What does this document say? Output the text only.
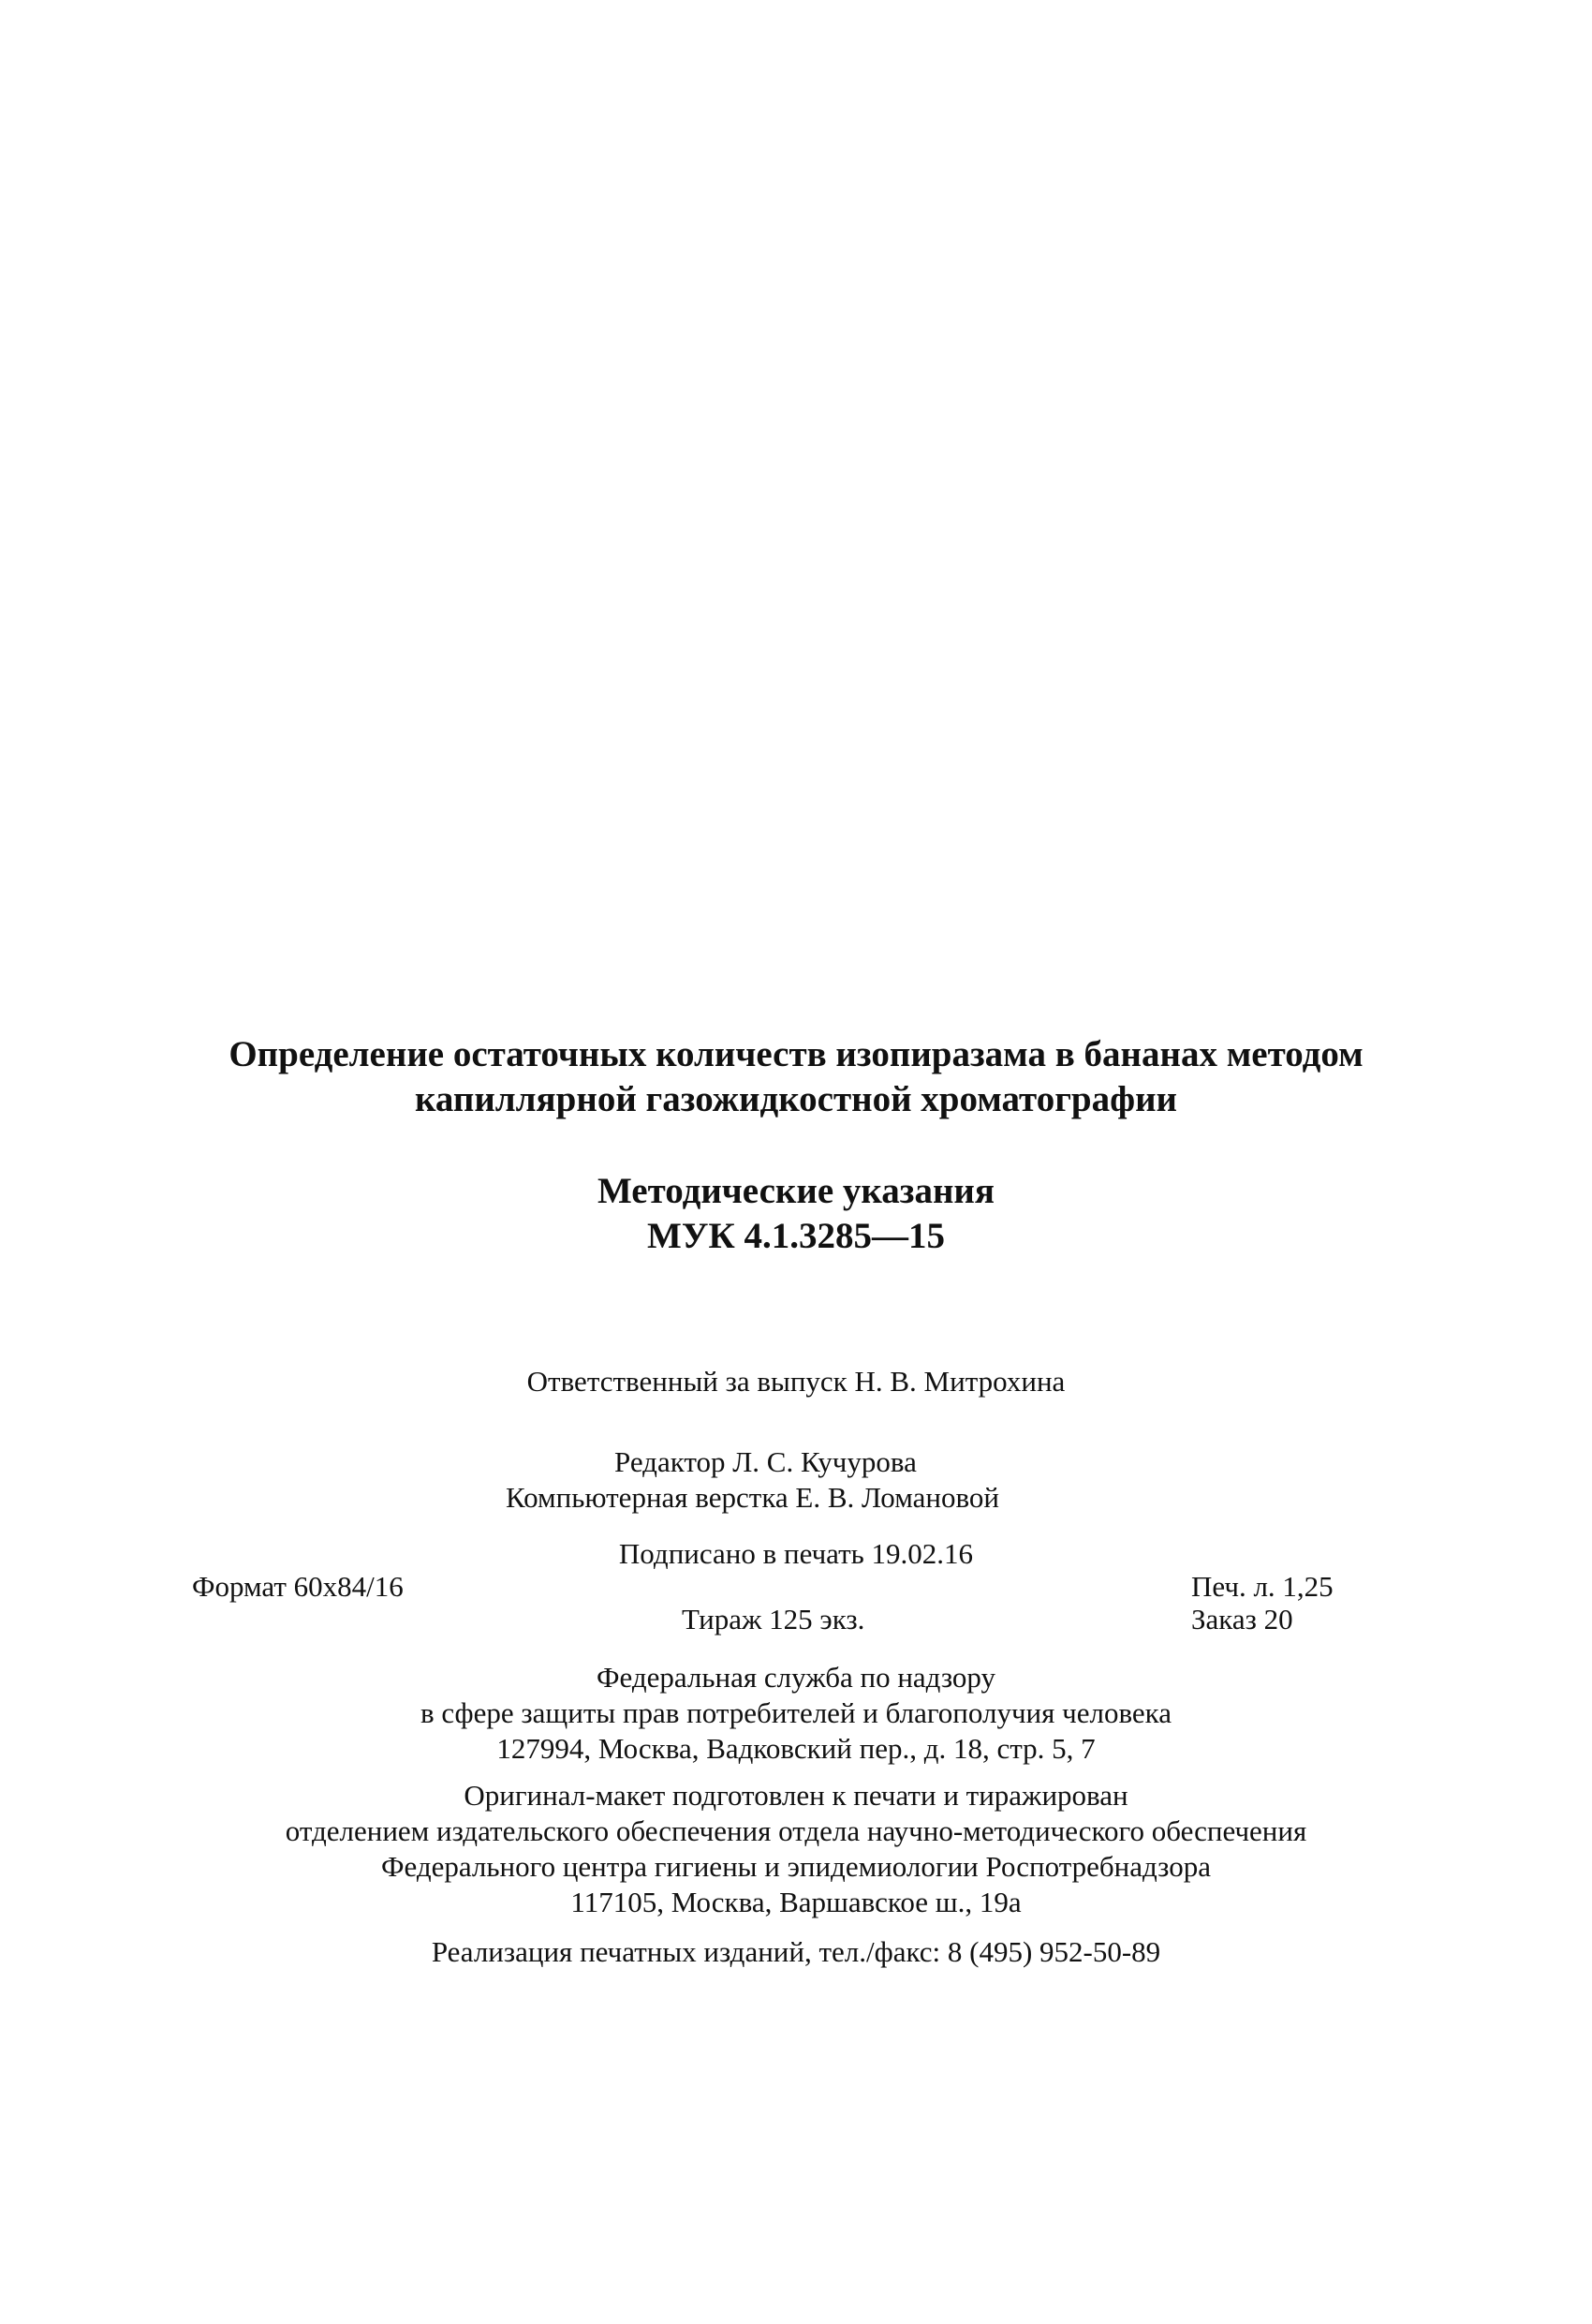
Определение остаточных количеств изопиразама в бананах методом
капиллярной газожидкостной хроматографии
Методические указания
МУК 4.1.3285—15
Ответственный за выпуск Н. В. Митрохина
Редактор Л. С. Кучурова
Компьютерная верстка Е. В. Ломановой
Подписано в печать 19.02.16
Формат 60x84/16	Печ. л. 1,25
Тираж 125 экз.	Заказ 20
Федеральная служба по надзору
в сфере защиты прав потребителей и благополучия человека
127994, Москва, Вадковский пер., д. 18, стр. 5, 7
Оригинал-макет подготовлен к печати и тиражирован
отделением издательского обеспечения отдела научно-методического обеспечения
Федерального центра гигиены и эпидемиологии Роспотребнадзора
117105, Москва, Варшавское ш., 19а
Реализация печатных изданий, тел./факс: 8 (495) 952-50-89
